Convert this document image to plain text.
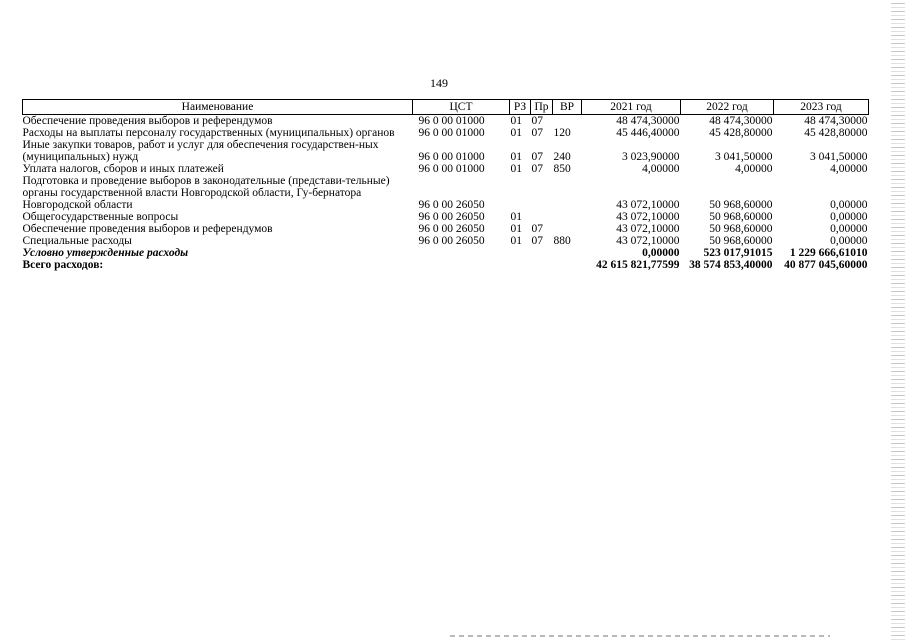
149
Наименование	ЦСТ	РЗ	Пр	ВР	2021 год	2022 год	2023 год
Обеспечение проведения выборов и референдумов	96 0 00 01000	01	07		48 474,30000	48 474,30000	48 474,30000
Расходы на выплаты персоналу государственных (муниципальных) органов	96 0 00 01000	01	07	120	45 446,40000	45 428,80000	45 428,80000
Иные закупки товаров, работ и услуг для обеспечения государствен-ных (муниципальных) нужд	96 0 00 01000	01	07	240	3 023,90000	3 041,50000	3 041,50000
Уплата налогов, сборов и иных платежей	96 0 00 01000	01	07	850	4,00000	4,00000	4,00000
Подготовка и проведение выборов в законодательные (представи-тельные) органы государственной власти Новгородской области, Гу-бернатора Новгородской области	96 0 00 26050				43 072,10000	50 968,60000	0,00000
Общегосударственные вопросы	96 0 00 26050	01			43 072,10000	50 968,60000	0,00000
Обеспечение проведения выборов и референдумов	96 0 00 26050	01	07		43 072,10000	50 968,60000	0,00000
Специальные расходы	96 0 00 26050	01	07	880	43 072,10000	50 968,60000	0,00000
Условно утвержденные расходы					0,00000	523 017,91015	1 229 666,61010
Всего расходов:					42 615 821,77599	38 574 853,40000	40 877 045,60000
